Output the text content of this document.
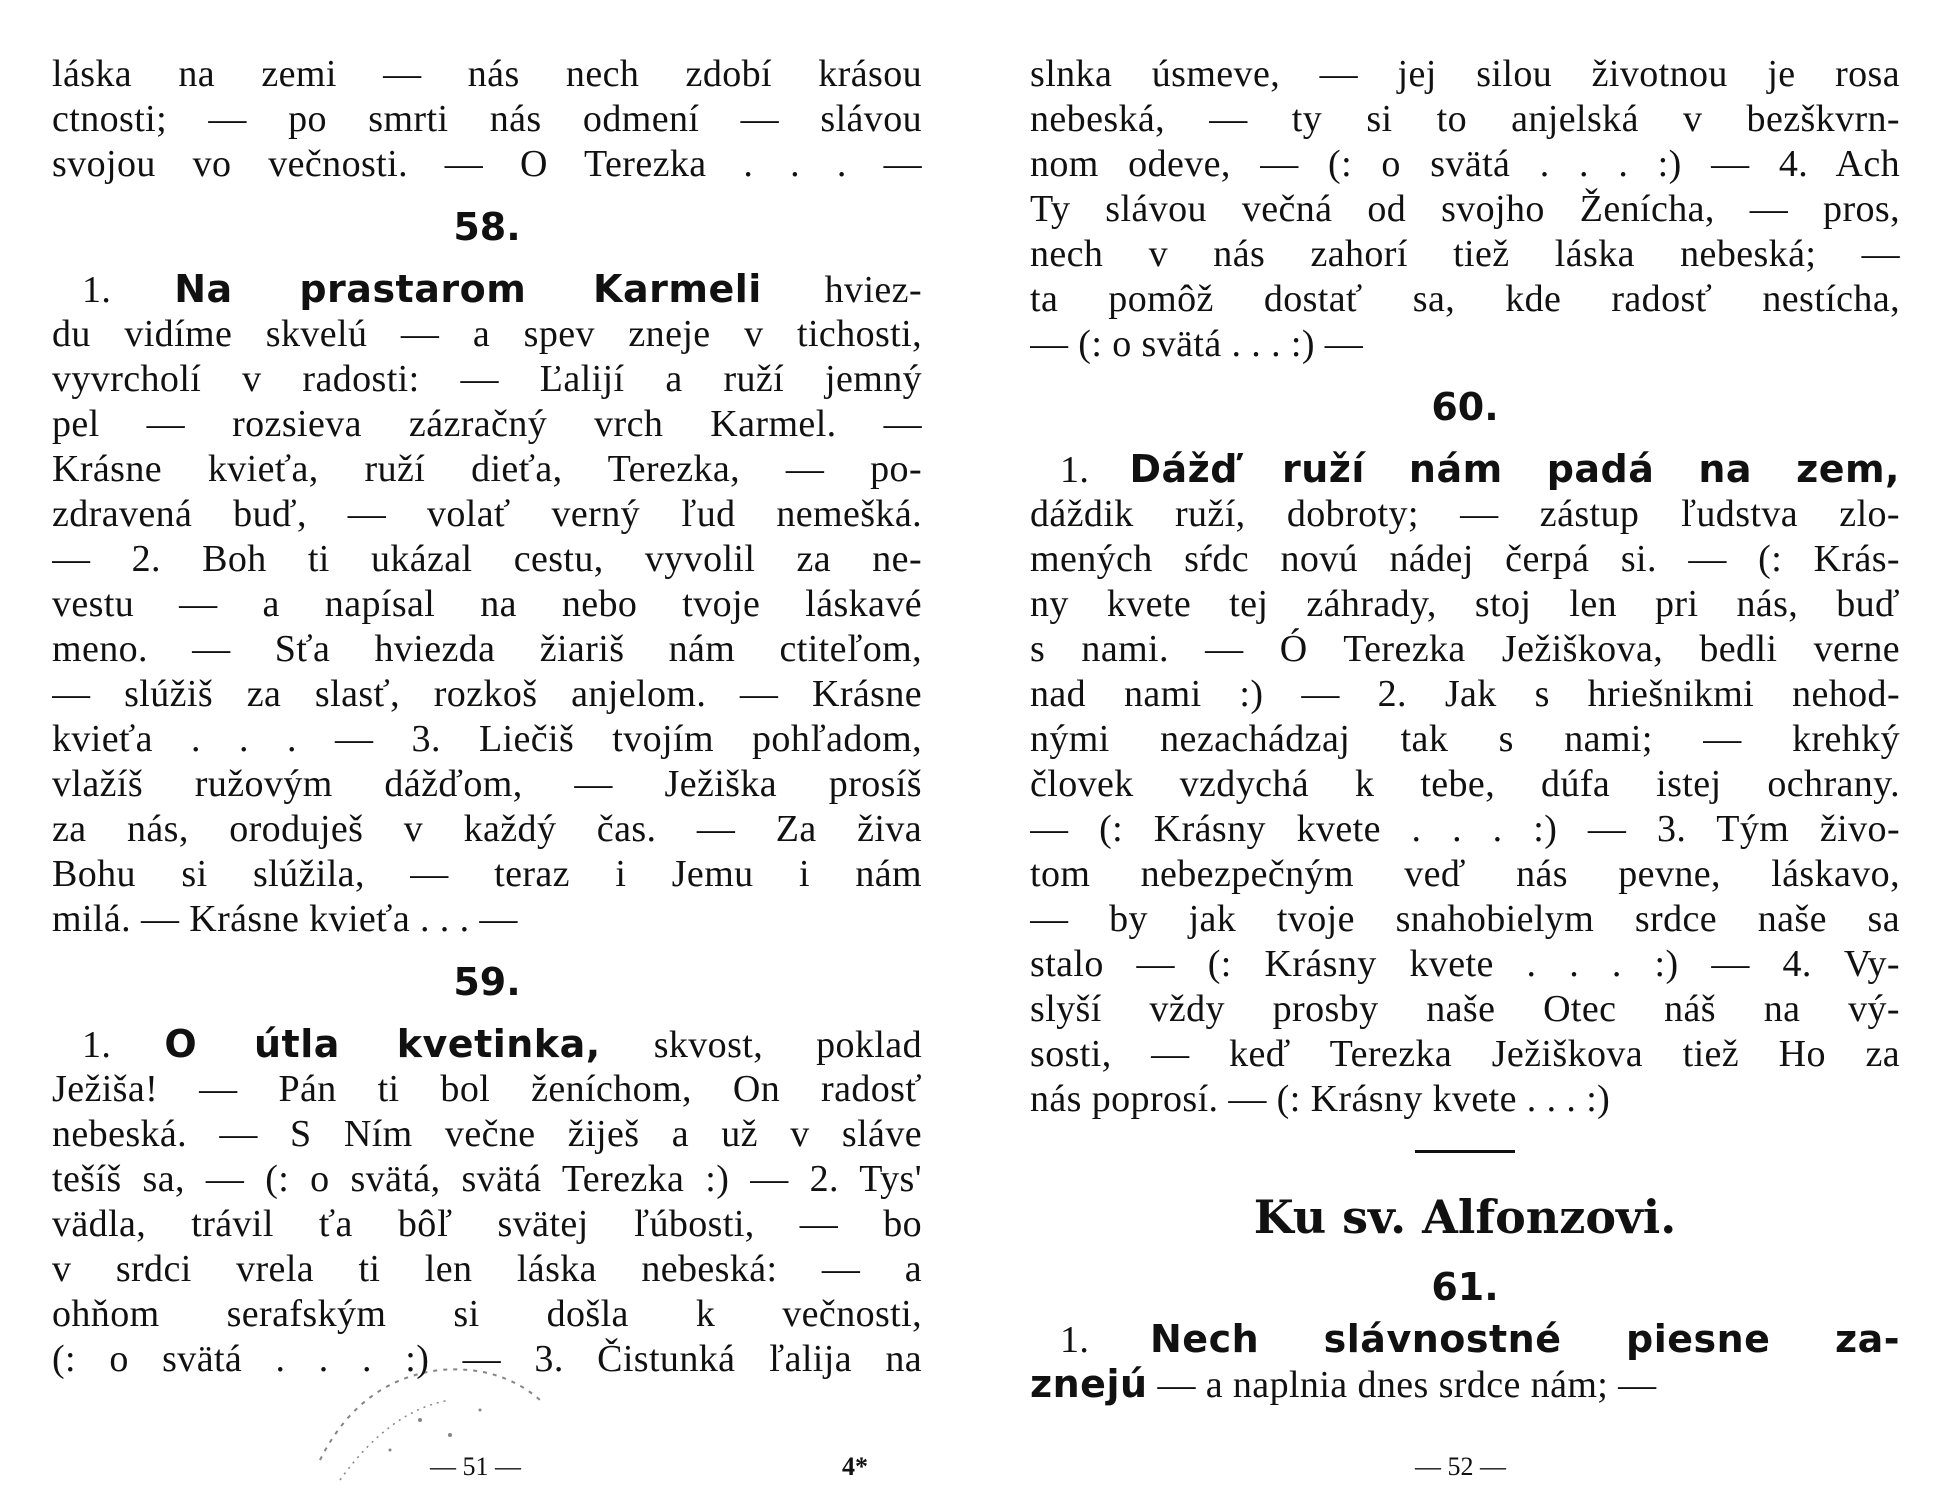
láska na zemi — nás nech zdobí krásou
ctnosti; — po smrti nás odmení — slávou
svojou vo večnosti. — O Terezka . . . —
58.
1. Na prastarom Karmeli hviez-
du vidíme skvelú — a spev zneje v tichosti,
vyvrcholí v radosti: — Ľalijí a ruží jemný
pel — rozsieva zázračný vrch Karmel. —
Krásne kvieťa, ruží dieťa, Terezka, — po-
zdravená buď, — volať verný ľud nemešká.
— 2. Boh ti ukázal cestu, vyvolil za ne-
vestu — a napísal na nebo tvoje láskavé
meno. — Sťa hviezda žiariš nám ctiteľom,
— slúžiš za slasť, rozkoš anjelom. — Krásne
kvieťa . . . — 3. Liečiš tvojím pohľadom,
vlažíš ružovým dážďom, — Ježiška prosíš
za nás, oroduješ v každý čas. — Za živa
Bohu si slúžila, — teraz i Jemu i nám
milá. — Krásne kvieťa . . . —
59.
1. O útla kvetinka, skvost, poklad
Ježiša! — Pán ti bol ženíchom, On radosť
nebeská. — S Ním večne žiješ a už v sláve
tešíš sa, — (: o svätá, svätá Terezka :) — 2. Tys'
vädla, trávil ťa bôľ svätej ľúbosti, — bo
v srdci vrela ti len láska nebeská: — a
ohňom serafským si došla k večnosti,
(: o svätá . . . :) — 3. Čistunká ľalija na
— 51 —	4*
slnka úsmeve, — jej silou životnou je rosa
nebeská, — ty si to anjelská v bezškvrn-
nom odeve, — (: o svätá . . . :) — 4. Ach
Ty slávou večná od svojho Ženícha, — pros,
nech v nás zahorí tiež láska nebeská; —
ta pomôž dostať sa, kde radosť nestícha,
— (: o svätá . . . :) —
60.
1. Dážď ruží nám padá na zem,
dáždik ruží, dobroty; — zástup ľudstva zlo-
mených sŕdc novú nádej čerpá si. — (: Krás-
ny kvete tej záhrady, stoj len pri nás, buď
s nami. — Ó Terezka Ježiškova, bedli verne
nad nami :) — 2. Jak s hriešnikmi nehod-
nými nezachádzaj tak s nami; — krehký
človek vzdychá k tebe, dúfa istej ochrany.
— (: Krásny kvete . . . :) — 3. Tým živo-
tom nebezpečným veď nás pevne, láskavo,
— by jak tvoje snahobielym srdce naše sa
stalo — (: Krásny kvete . . . :) — 4. Vy-
slyší vždy prosby naše Otec náš na vý-
sosti, — keď Terezka Ježiškova tiež Ho za
nás poprosí. — (: Krásny kvete . . . :)
Ku sv. Alfonzovi.
61.
1. Nech slávnostné piesne za-
znejú — a naplnia dnes srdce nám; —
— 52 —
